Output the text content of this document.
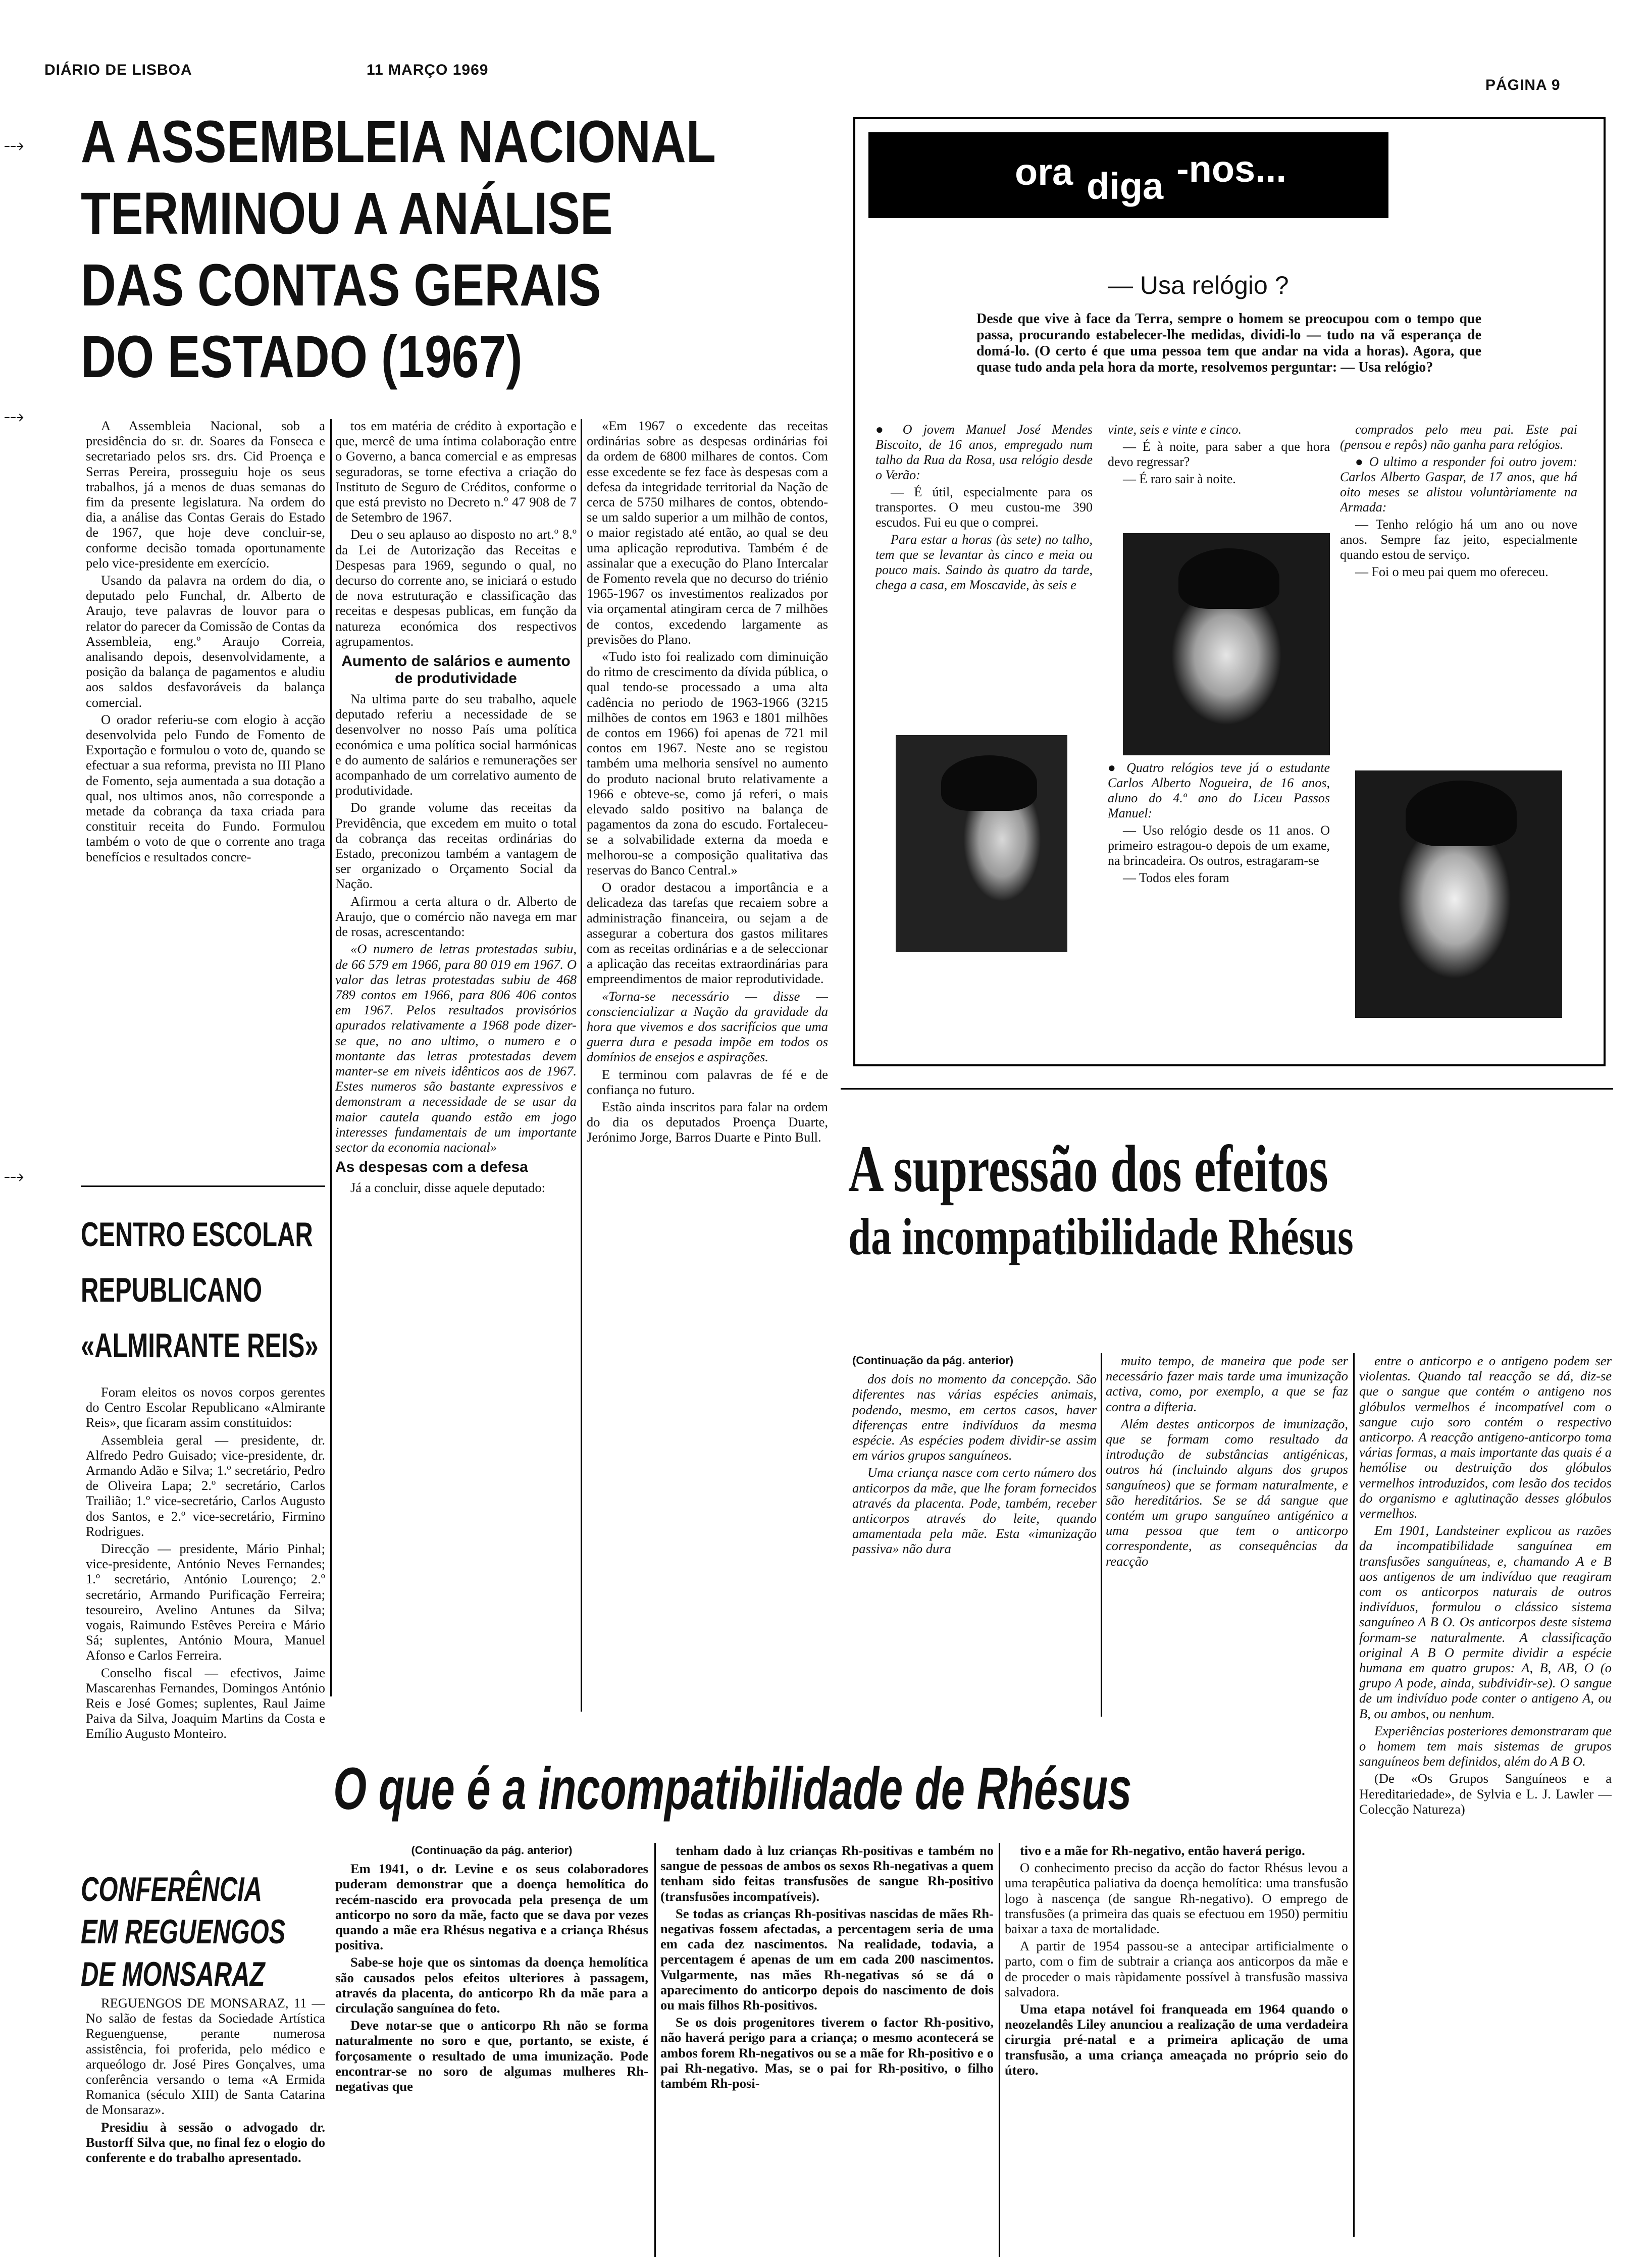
DIÁRIO DE LISBOA	11 MARÇO 1969
PÁGINA 9
⤏
⤏
⤏
A ASSEMBLEIA NACIONAL
TERMINOU A ANÁLISE
DAS CONTAS GERAIS
DO ESTADO (1967)

A Assembleia Nacional, sob a presidência do sr. dr. Soares da Fonseca e secretariado pelos srs. drs. Cid Proença e Serras Pereira, prosseguiu hoje os seus trabalhos, já a menos de duas semanas do fim da presente legislatura. Na ordem do dia, a análise das Contas Gerais do Estado de 1967, que hoje deve concluir-se, conforme decisão tomada oportunamente pelo vice-presidente em exercício.

Usando da palavra na ordem do dia, o deputado pelo Funchal, dr. Alberto de Araujo, teve palavras de louvor para o relator do parecer da Comissão de Contas da Assembleia, eng.º Araujo Correia, analisando depois, desenvolvidamente, a posição da balança de pagamentos e aludiu aos saldos desfavoráveis da balança comercial.

O orador referiu-se com elogio à acção desenvolvida pelo Fundo de Fomento de Exportação e formulou o voto de, quando se efectuar a sua reforma, prevista no III Plano de Fomento, seja aumentada a sua dotação a qual, nos ultimos anos, não corresponde a metade da cobrança da taxa criada para constituir receita do Fundo. Formulou também o voto de que o corrente ano traga benefícios e resultados concre-

tos em matéria de crédito à exportação e que, mercê de uma íntima colaboração entre o Governo, a banca comercial e as empresas seguradoras, se torne efectiva a criação do Instituto de Seguro de Créditos, conforme o que está previsto no Decreto n.º 47 908 de 7 de Setembro de 1967.

Deu o seu aplauso ao disposto no art.º 8.º da Lei de Autorização das Receitas e Despesas para 1969, segundo o qual, no decurso do corrente ano, se iniciará o estudo de nova estruturação e classificação das receitas e despesas publicas, em função da natureza económica dos respectivos agrupamentos.

Aumento de salários e aumento de produtividade

Na ultima parte do seu trabalho, aquele deputado referiu a necessidade de se desenvolver no nosso País uma política económica e uma política social harmónicas e do aumento de salários e remunerações ser acompanhado de um correlativo aumento de produtividade.

Do grande volume das receitas da Previdência, que excedem em muito o total da cobrança das receitas ordinárias do Estado, preconizou também a vantagem de ser organizado o Orçamento Social da Nação.

Afirmou a certa altura o dr. Alberto de Araujo, que o comércio não navega em mar de rosas, acrescentando:

«O numero de letras protestadas subiu, de 66 579 em 1966, para 80 019 em 1967. O valor das letras protestadas subiu de 468 789 contos em 1966, para 806 406 contos em 1967. Pelos resultados provisórios apurados relativamente a 1968 pode dizer-se que, no ano ultimo, o numero e o montante das letras protestadas devem manter-se em niveis idênticos aos de 1967. Estes numeros são bastante expressivos e demonstram a necessidade de se usar da maior cautela quando estão em jogo interesses fundamentais de um importante sector da economia nacional»

As despesas com a defesa

Já a concluir, disse aquele deputado:

«Em 1967 o excedente das receitas ordinárias sobre as despesas ordinárias foi da ordem de 6800 milhares de contos. Com esse excedente se fez face às despesas com a defesa da integridade territorial da Nação de cerca de 5750 milhares de contos, obtendo-se um saldo superior a um milhão de contos, o maior registado até então, ao qual se deu uma aplicação reprodutiva. Também é de assinalar que a execução do Plano Intercalar de Fomento revela que no decurso do triénio 1965-1967 os investimentos realizados por via orçamental atingiram cerca de 7 milhões de contos, excedendo largamente as previsões do Plano.

«Tudo isto foi realizado com diminuição do ritmo de crescimento da dívida pública, o qual tendo-se processado a uma alta cadência no periodo de 1963-1966 (3215 milhões de contos em 1963 e 1801 milhões de contos em 1966) foi apenas de 721 mil contos em 1967. Neste ano se registou também uma melhoria sensível no aumento do produto nacional bruto relativamente a 1966 e obteve-se, como já referi, o mais elevado saldo positivo na balança de pagamentos da zona do escudo. Fortaleceu-se a solvabilidade externa da moeda e melhorou-se a composição qualitativa das reservas do Banco Central.»

O orador destacou a importância e a delicadeza das tarefas que recaiem sobre a administração financeira, ou sejam a de assegurar a cobertura dos gastos militares com as receitas ordinárias e a de seleccionar a aplicação das receitas extraordinárias para empreendimentos de maior reprodutividade.

«Torna-se necessário — disse — consciencializar a Nação da gravidade da hora que vivemos e dos sacrifícios que uma guerra dura e pesada impõe em todos os domínios de ensejos e aspirações.

E terminou com palavras de fé e de confiança no futuro.

Estão ainda inscritos para falar na ordem do dia os deputados Proença Duarte, Jerónimo Jorge, Barros Duarte e Pinto Bull.

CENTRO ESCOLAR
REPUBLICANO
«ALMIRANTE REIS»

Foram eleitos os novos corpos gerentes do Centro Escolar Republicano «Almirante Reis», que ficaram assim constituidos:

Assembleia geral — presidente, dr. Alfredo Pedro Guisado; vice-presidente, dr. Armando Adão e Silva; 1.º secretário, Pedro de Oliveira Lapa; 2.º secretário, Carlos Trailião; 1.º vice-secretário, Carlos Augusto dos Santos, e 2.º vice-secretário, Firmino Rodrigues.

Direcção — presidente, Mário Pinhal; vice-presidente, António Neves Fernandes; 1.º secretário, António Lourenço; 2.º secretário, Armando Purificação Ferreira; tesoureiro, Avelino Antunes da Silva; vogais, Raimundo Estêves Pereira e Mário Sá; suplentes, António Moura, Manuel Afonso e Carlos Ferreira.

Conselho fiscal — efectivos, Jaime Mascarenhas Fernandes, Domingos António Reis e José Gomes; suplentes, Raul Jaime Paiva da Silva, Joaquim Martins da Costa e Emílio Augusto Monteiro.

CONFERÊNCIA
EM REGUENGOS
DE MONSARAZ

REGUENGOS DE MONSARAZ, 11 — No salão de festas da Sociedade Artística Reguenguense, perante numerosa assistência, foi proferida, pelo médico e arqueólogo dr. José Pires Gonçalves, uma conferência versando o tema «A Ermida Romanica (século XIII) de Santa Catarina de Monsaraz».

Presidiu à sessão o advogado dr. Bustorff Silva que, no final fez o elogio do conferente e do trabalho apresentado.

ora diga -nos...
— Usa relógio ?
Desde que vive à face da Terra, sempre o homem se preocupou com o tempo que passa, procurando estabelecer-lhe medidas, dividi-lo — tudo na vã esperança de domá-lo. (O certo é que uma pessoa tem que andar na vida a horas). Agora, que quase tudo anda pela hora da morte, resolvemos perguntar: — Usa relógio?

● O jovem Manuel José Mendes Biscoito, de 16 anos, empregado num talho da Rua da Rosa, usa relógio desde o Verão:

— É útil, especialmente para os transportes. O meu custou-me 390 escudos. Fui eu que o comprei.

Para estar a horas (às sete) no talho, tem que se levantar às cinco e meia ou pouco mais. Saindo às quatro da tarde, chega a casa, em Moscavide, às seis e

vinte, seis e vinte e cinco.

— É à noite, para saber a que hora devo regressar?

— É raro sair à noite.

● Quatro relógios teve já o estudante Carlos Alberto Nogueira, de 16 anos, aluno do 4.º ano do Liceu Passos Manuel:

— Uso relógio desde os 11 anos. O primeiro estragou-o depois de um exame, na brincadeira. Os outros, estragaram-se

— Todos eles foram

comprados pelo meu pai. Este pai (pensou e repôs) não ganha para relógios.

● O ultimo a responder foi outro jovem: Carlos Alberto Gaspar, de 17 anos, que há oito meses se alistou voluntàriamente na Armada:

— Tenho relógio há um ano ou nove anos. Sempre faz jeito, especialmente quando estou de serviço.

— Foi o meu pai quem mo ofereceu.

A supressão dos efeitos
da incompatibilidade Rhésus
(Continuação da pág. anterior)

dos dois no momento da concepção. São diferentes nas várias espécies animais, podendo, mesmo, em certos casos, haver diferenças entre indivíduos da mesma espécie. As espécies podem dividir-se assim em vários grupos sanguíneos.

Uma criança nasce com certo número dos anticorpos da mãe, que lhe foram fornecidos através da placenta. Pode, também, receber anticorpos através do leite, quando amamentada pela mãe. Esta «imunização passiva» não dura

muito tempo, de maneira que pode ser necessário fazer mais tarde uma imunização activa, como, por exemplo, a que se faz contra a difteria.

Além destes anticorpos de imunização, que se formam como resultado da introdução de substâncias antigénicas, outros há (incluindo alguns dos grupos sanguíneos) que se formam naturalmente, e são hereditários. Se se dá sangue que contém um grupo sanguíneo antigénico a uma pessoa que tem o anticorpo correspondente, as consequências da reacção

entre o anticorpo e o antigeno podem ser violentas. Quando tal reacção se dá, diz-se que o sangue que contém o antigeno nos glóbulos vermelhos é incompatível com o sangue cujo soro contém o respectivo anticorpo. A reacção antigeno-anticorpo toma várias formas, a mais importante das quais é a hemólise ou destruição dos glóbulos vermelhos introduzidos, com lesão dos tecidos do organismo e aglutinação desses glóbulos vermelhos.

Em 1901, Landsteiner explicou as razões da incompatibilidade sanguínea em transfusões sanguíneas, e, chamando A e B aos antigenos de um indivíduo que reagiram com os anticorpos naturais de outros indivíduos, formulou o clássico sistema sanguíneo A B O. Os anticorpos deste sistema formam-se naturalmente. A classificação original A B O permite dividir a espécie humana em quatro grupos: A, B, AB, O (o grupo A pode, ainda, subdividir-se). O sangue de um indivíduo pode conter o antigeno A, ou B, ou ambos, ou nenhum.

Experiências posteriores demonstraram que o homem tem mais sistemas de grupos sanguíneos bem definidos, além do A B O.

(De «Os Grupos Sanguíneos e a Hereditariedade», de Sylvia e L. J. Lawler — Colecção Natureza)

O que é a incompatibilidade de Rhésus
(Continuação da pág. anterior)

Em 1941, o dr. Levine e os seus colaboradores puderam demonstrar que a doença hemolítica do recém-nascido era provocada pela presença de um anticorpo no soro da mãe, facto que se dava por vezes quando a mãe era Rhésus negativa e a criança Rhésus positiva.

Sabe-se hoje que os sintomas da doença hemolítica são causados pelos efeitos ulteriores à passagem, através da placenta, do anticorpo Rh da mãe para a circulação sanguínea do feto.

Deve notar-se que o anticorpo Rh não se forma naturalmente no soro e que, portanto, se existe, é forçosamente o resultado de uma imunização. Pode encontrar-se no soro de algumas mulheres Rh-negativas que

tenham dado à luz crianças Rh-positivas e também no sangue de pessoas de ambos os sexos Rh-negativas a quem tenham sido feitas transfusões de sangue Rh-positivo (transfusões incompatíveis).

Se todas as crianças Rh-positivas nascidas de mães Rh-negativas fossem afectadas, a percentagem seria de uma em cada dez nascimentos. Na realidade, todavia, a percentagem é apenas de um em cada 200 nascimentos. Vulgarmente, nas mães Rh-negativas só se dá o aparecimento do anticorpo depois do nascimento de dois ou mais filhos Rh-positivos.

Se os dois progenitores tiverem o factor Rh-positivo, não haverá perigo para a criança; o mesmo acontecerá se ambos forem Rh-negativos ou se a mãe for Rh-positivo e o pai Rh-negativo. Mas, se o pai for Rh-positivo, o filho também Rh-posi-

tivo e a mãe for Rh-negativo, então haverá perigo.

O conhecimento preciso da acção do factor Rhésus levou a uma terapêutica paliativa da doença hemolítica: uma transfusão logo à nascença (de sangue Rh-negativo). O emprego de transfusões (a primeira das quais se efectuou em 1950) permitiu baixar a taxa de mortalidade.

A partir de 1954 passou-se a antecipar artificialmente o parto, com o fim de subtrair a criança aos anticorpos da mãe e de proceder o mais ràpidamente possível à transfusão massiva salvadora.

Uma etapa notável foi franqueada em 1964 quando o neozelandês Liley anunciou a realização de uma verdadeira cirurgia pré-natal e a primeira aplicação de uma transfusão, a uma criança ameaçada no próprio seio do útero.
